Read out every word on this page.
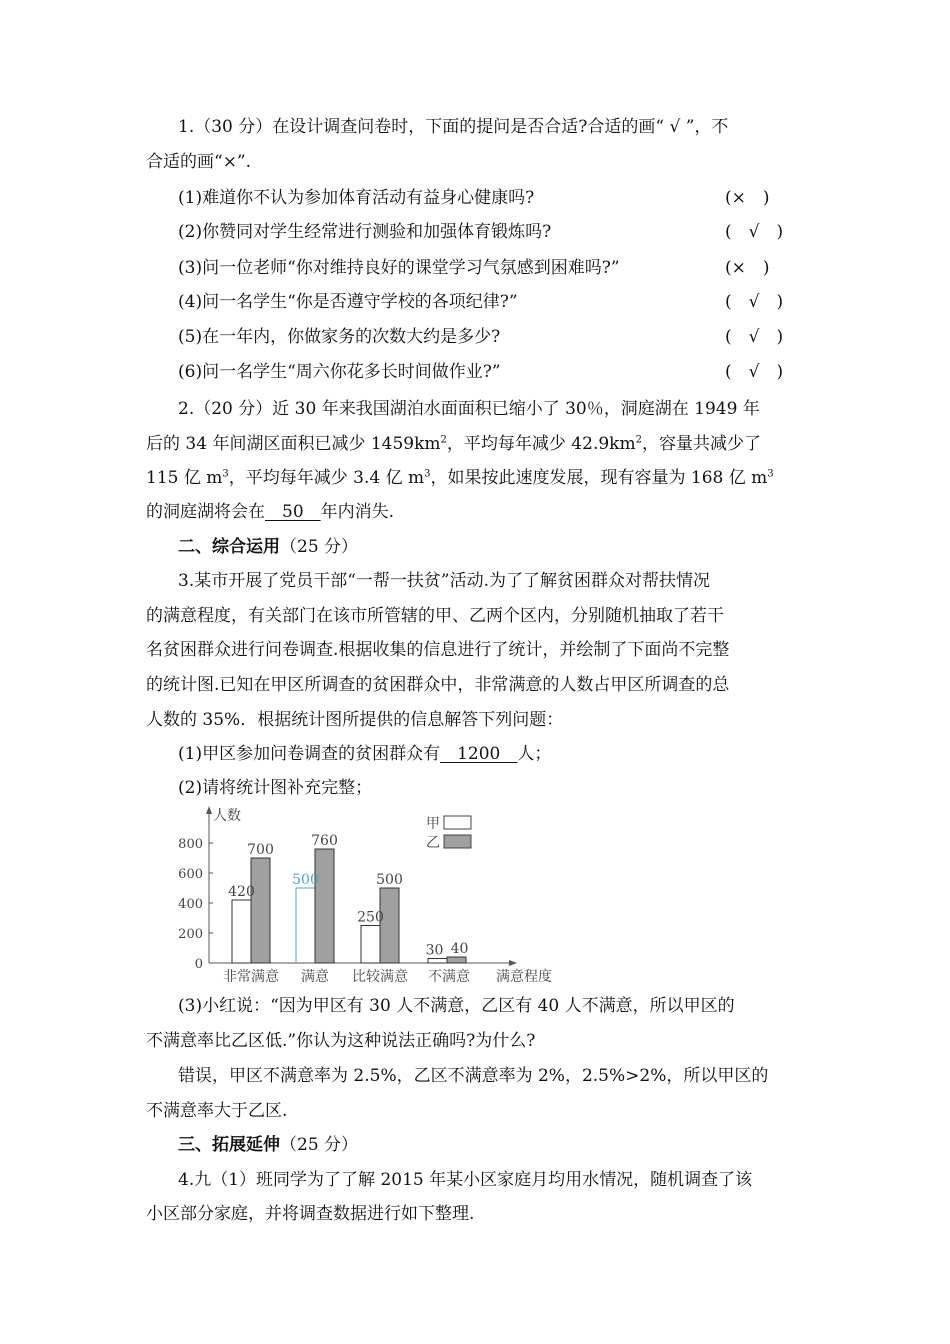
1.（30 分）在设计调查问卷时，下面的提问是否合适?合适的画“ √ ”，不
合适的画“×”.
(1)难道你不认为参加体育活动有益身心健康吗?	(×　)
(2)你赞同对学生经常进行测验和加强体育锻炼吗?	(　√　)
(3)问一位老师“你对维持良好的课堂学习气氛感到困难吗?”	(×　)
(4)问一名学生“你是否遵守学校的各项纪律?”	(　√　)
(5)在一年内，你做家务的次数大约是多少?	(　√　)
(6)问一名学生“周六你花多长时间做作业?”	(　√　)
2.（20 分）近 30 年来我国湖泊水面面积已缩小了 30％，洞庭湖在 1949 年
后的 34 年间湖区面积已减少 $1459km^2$，平均每年减少 $42.9km^2$，容量共减少了
115 亿 $m^3$，平均每年减少 3.4 亿 $m^3$，如果按此速度发展，现有容量为 168 亿 $m^3$
的洞庭湖将会在　50　年内消失.
二、综合运用（25 分）
3.某市开展了党员干部“一帮一扶贫”活动.为了了解贫困群众对帮扶情况
的满意程度，有关部门在该市所管辖的甲、乙两个区内，分别随机抽取了若干
名贫困群众进行问卷调查.根据收集的信息进行了统计，并绘制了下面尚不完整
的统计图.已知在甲区所调查的贫困群众中，非常满意的人数占甲区所调查的总
人数的 35%．根据统计图所提供的信息解答下列问题：
(1)甲区参加问卷调查的贫困群众有　1200　人；
(2)请将统计图补充完整；
人数
满意程度
甲
乙
0
200
400
600
800
420
700
500
760
250
500
30 40
非常满意 满意 比较满意 不满意
(3)小红说：“因为甲区有 30 人不满意，乙区有 40 人不满意，所以甲区的
不满意率比乙区低.”你认为这种说法正确吗?为什么?
错误，甲区不满意率为 2.5%，乙区不满意率为 2%，2.5%>2%，所以甲区的
不满意率大于乙区.
三、拓展延伸（25 分）
4.九（1）班同学为了了解 2015 年某小区家庭月均用水情况，随机调查了该
小区部分家庭，并将调查数据进行如下整理.
